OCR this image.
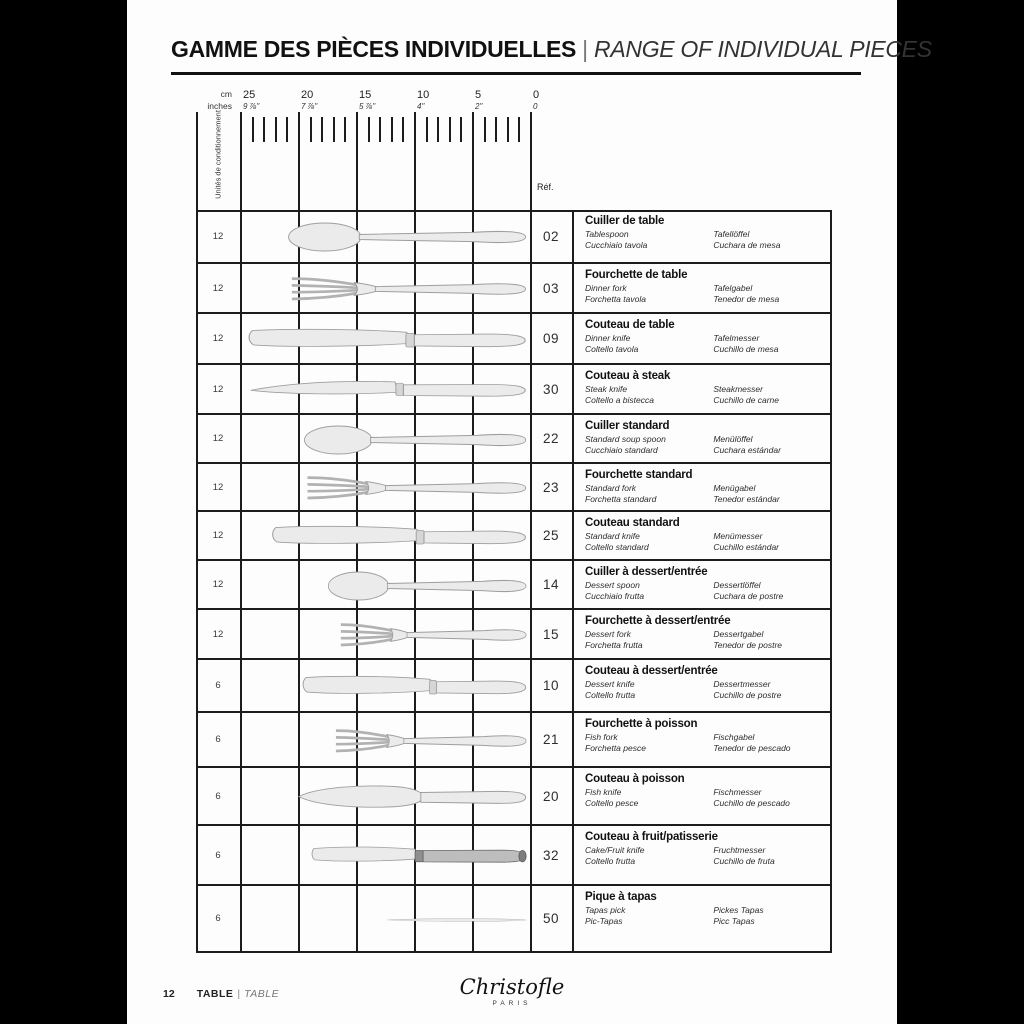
GAMME DES PIÈCES INDIVIDUELLES | RANGE OF INDIVIDUAL PIECES
cm
inches
Unités de conditionnement	Réf.
25
9 ⅞"
20
7 ⅞"
15
5 ⅞"
10
4"
5
2"
0
0
12	02
Cuiller de table
Tablespoon
Cucchiaio tavola
Tafellöffel
Cuchara de mesa
12	03
Fourchette de table
Dinner fork
Forchetta tavola
Tafelgabel
Tenedor de mesa
12	09
Couteau de table
Dinner knife
Coltello tavola
Tafelmesser
Cuchillo de mesa
12	30
Couteau à steak
Steak knife
Coltello a bistecca
Steakmesser
Cuchillo de carne
12	22
Cuiller standard
Standard soup spoon
Cucchiaio standard
Menülöffel
Cuchara estándar
12	23
Fourchette standard
Standard fork
Forchetta standard
Menügabel
Tenedor estándar
12	25
Couteau standard
Standard knife
Coltello standard
Menümesser
Cuchillo estándar
12	14
Cuiller à dessert/entrée
Dessert spoon
Cucchiaio frutta
Dessertlöffel
Cuchara de postre
12	15
Fourchette à dessert/entrée
Dessert fork
Forchetta frutta
Dessertgabel
Tenedor de postre
6	10
Couteau à dessert/entrée
Dessert knife
Coltello frutta
Dessertmesser
Cuchillo de postre
6	21
Fourchette à poisson
Fish fork
Forchetta pesce
Fischgabel
Tenedor de pescado
6	20
Couteau à poisson
Fish knife
Coltello pesce
Fischmesser
Cuchillo de pescado
6	32
Couteau à fruit/patisserie
Cake/Fruit knife
Coltello frutta
Fruchtmesser
Cuchillo de fruta
6	50
Pique à tapas
Tapas pick
Pic-Tapas
Pickes Tapas
Picc Tapas
12 TABLE | TABLE	Christofle
PARIS
